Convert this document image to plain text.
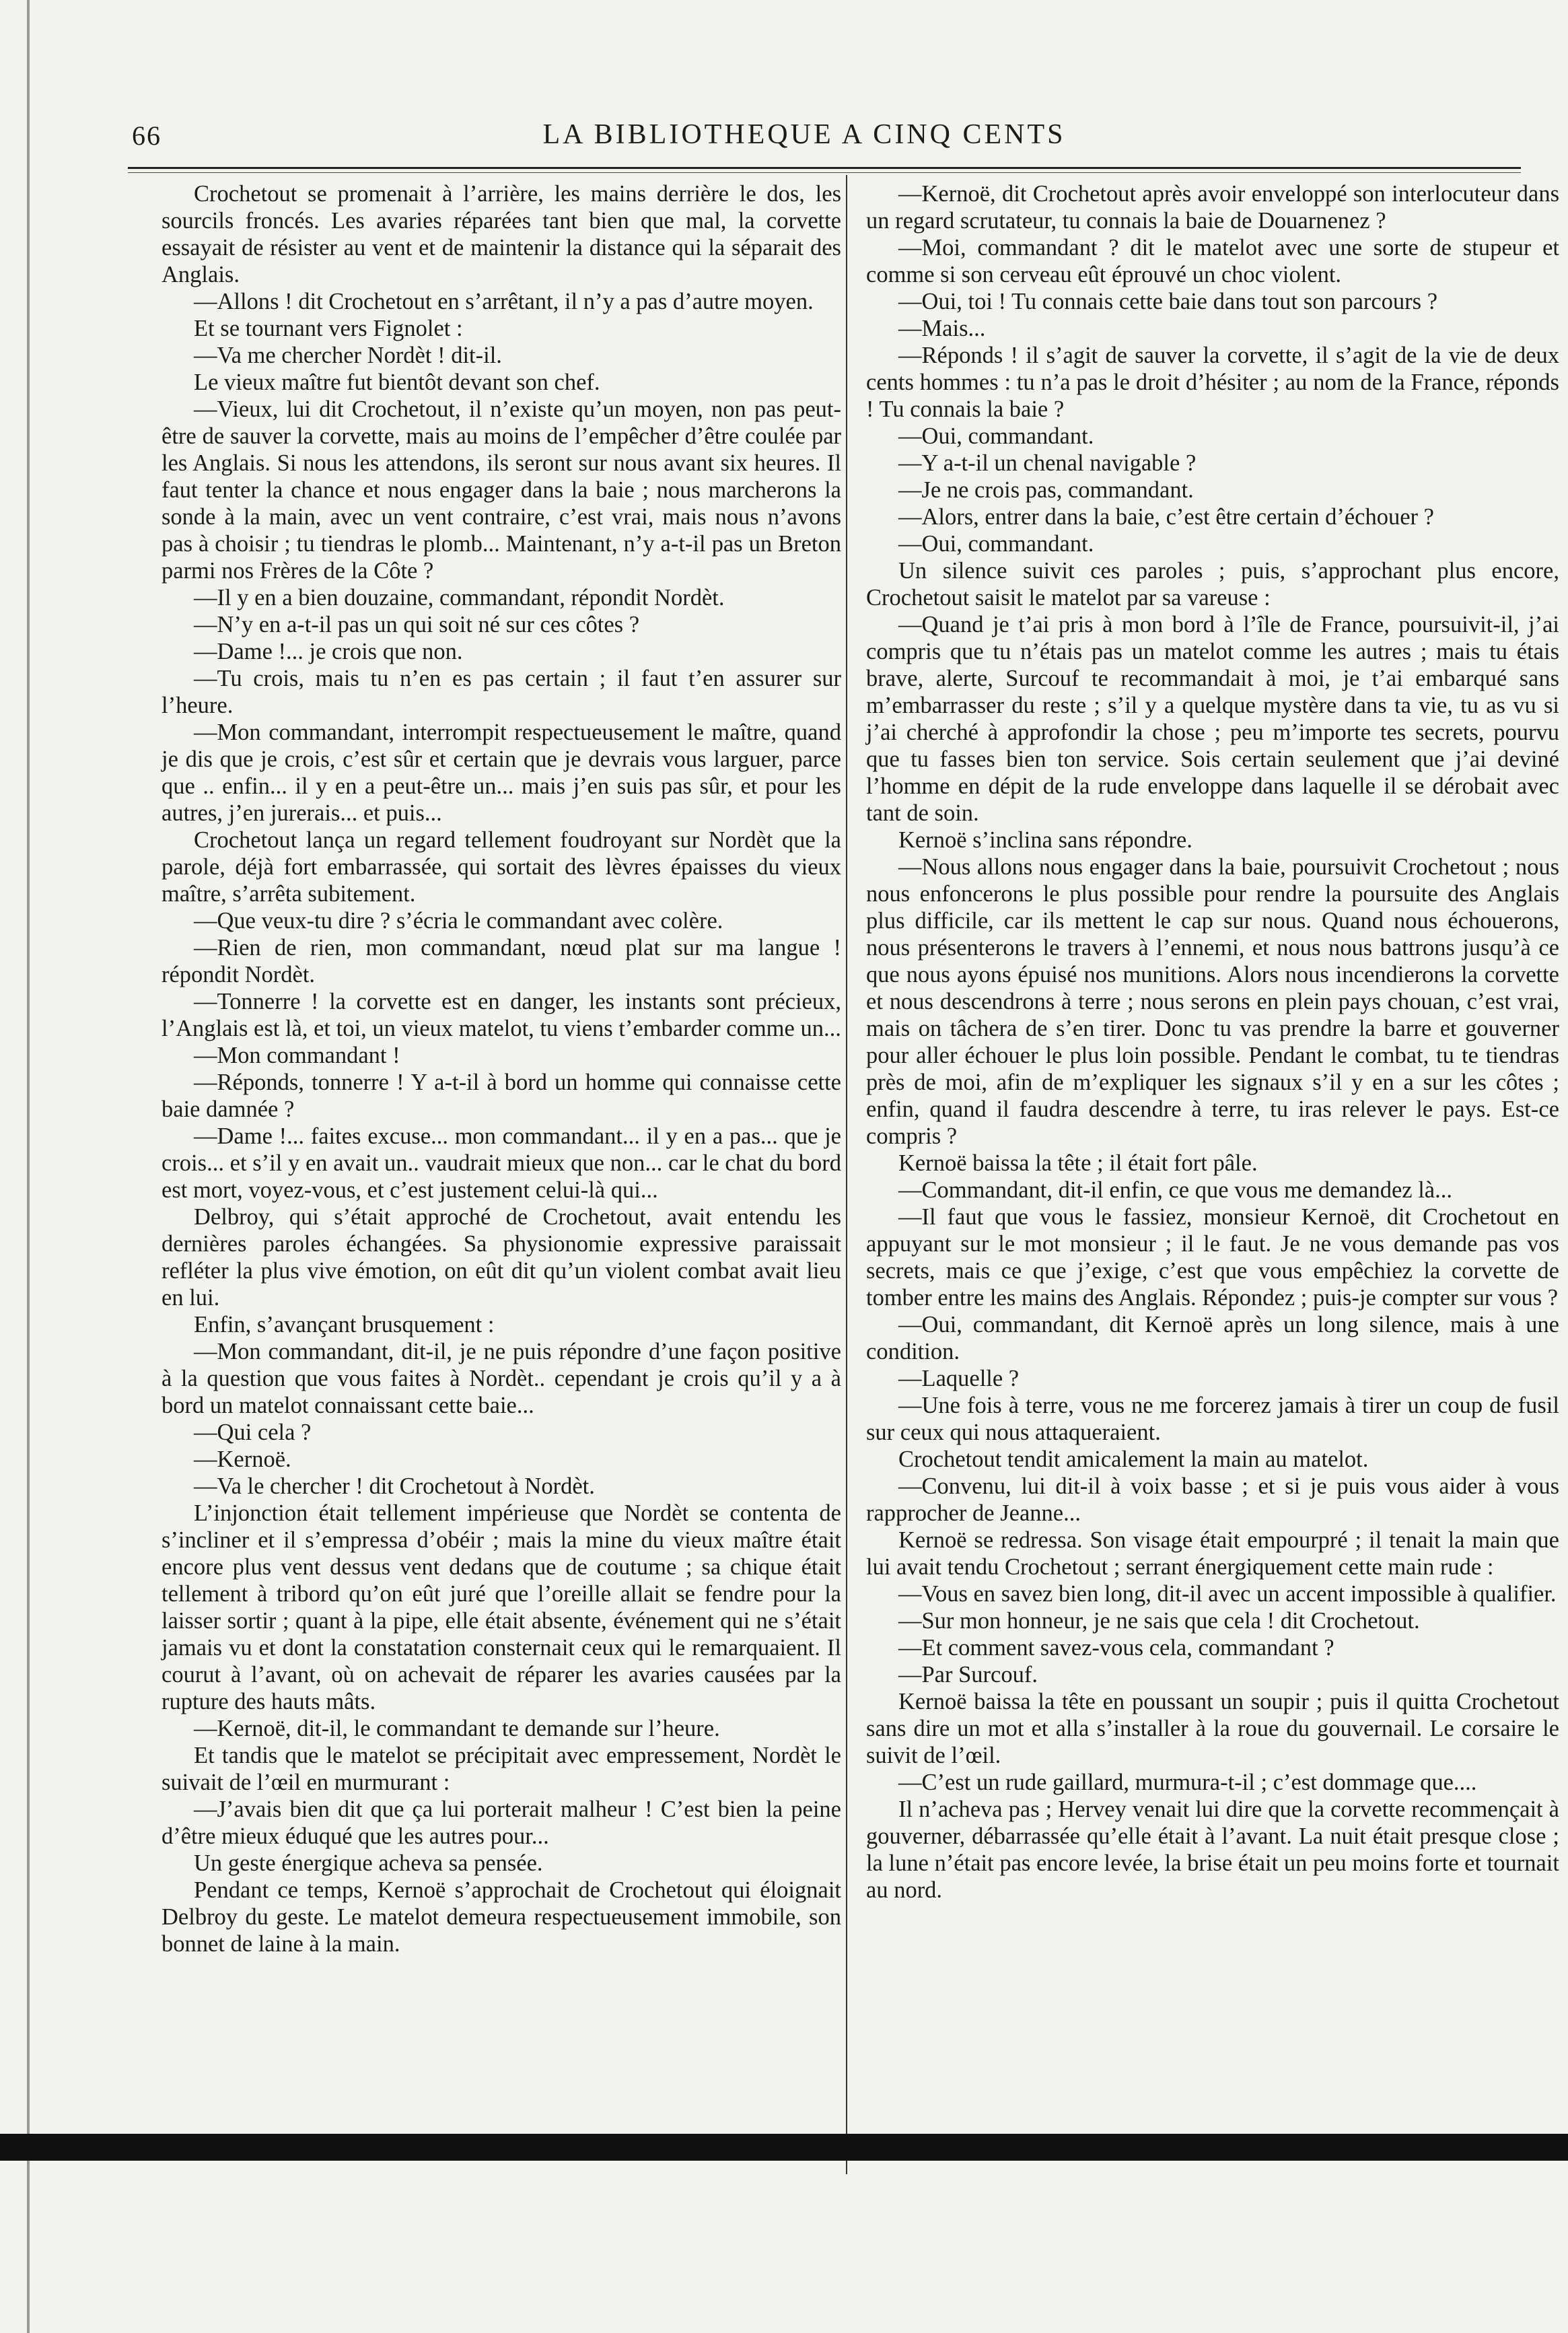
66	LA BIBLIOTHEQUE A CINQ CENTS

Crochetout se promenait à l’arrière, les mains derrière le dos, les sourcils froncés. Les avaries réparées tant bien que mal, la corvette essayait de résister au vent et de maintenir la distance qui la séparait des Anglais.

—Allons ! dit Crochetout en s’arrêtant, il n’y a pas d’autre moyen.

Et se tournant vers Fignolet :

—Va me chercher Nordèt ! dit-il.

Le vieux maître fut bientôt devant son chef.

—Vieux, lui dit Crochetout, il n’existe qu’un moyen, non pas peut-être de sauver la corvette, mais au moins de l’empêcher d’être coulée par les Anglais. Si nous les attendons, ils seront sur nous avant six heures. Il faut tenter la chance et nous engager dans la baie ; nous marcherons la sonde à la main, avec un vent contraire, c’est vrai, mais nous n’avons pas à choisir ; tu tiendras le plomb... Maintenant, n’y a-t-il pas un Breton parmi nos Frères de la Côte ?

—Il y en a bien douzaine, commandant, répondit Nordèt.

—N’y en a-t-il pas un qui soit né sur ces côtes ?

—Dame !... je crois que non.

—Tu crois, mais tu n’en es pas certain ; il faut t’en assurer sur l’heure.

—Mon commandant, interrompit respectueusement le maître, quand je dis que je crois, c’est sûr et certain que je devrais vous larguer, parce que .. enfin... il y en a peut-être un... mais j’en suis pas sûr, et pour les autres, j’en jurerais... et puis...

Crochetout lança un regard tellement foudroyant sur Nordèt que la parole, déjà fort embarrassée, qui sortait des lèvres épaisses du vieux maître, s’arrêta subitement.

—Que veux-tu dire ? s’écria le commandant avec colère.

—Rien de rien, mon commandant, nœud plat sur ma langue ! répondit Nordèt.

—Tonnerre ! la corvette est en danger, les instants sont précieux, l’Anglais est là, et toi, un vieux matelot, tu viens t’embarder comme un...

—Mon commandant !

—Réponds, tonnerre ! Y a-t-il à bord un homme qui connaisse cette baie damnée ?

—Dame !... faites excuse... mon commandant... il y en a pas... que je crois... et s’il y en avait un.. vaudrait mieux que non... car le chat du bord est mort, voyez-vous, et c’est justement celui-là qui...

Delbroy, qui s’était approché de Crochetout, avait entendu les dernières paroles échangées. Sa physionomie expressive paraissait refléter la plus vive émotion, on eût dit qu’un violent combat avait lieu en lui.

Enfin, s’avançant brusquement :

—Mon commandant, dit-il, je ne puis répondre d’une façon positive à la question que vous faites à Nordèt.. cependant je crois qu’il y a à bord un matelot connaissant cette baie...

—Qui cela ?

—Kernoë.

—Va le chercher ! dit Crochetout à Nordèt.

L’injonction était tellement impérieuse que Nordèt se contenta de s’incliner et il s’empressa d’obéir ; mais la mine du vieux maître était encore plus vent dessus vent dedans que de coutume ; sa chique était tellement à tribord qu’on eût juré que l’oreille allait se fendre pour la laisser sortir ; quant à la pipe, elle était absente, événement qui ne s’était jamais vu et dont la constatation consternait ceux qui le remarquaient. Il courut à l’avant, où on achevait de réparer les avaries causées par la rupture des hauts mâts.

—Kernoë, dit-il, le commandant te demande sur l’heure.

Et tandis que le matelot se précipitait avec empressement, Nordèt le suivait de l’œil en murmurant :

—J’avais bien dit que ça lui porterait malheur ! C’est bien la peine d’être mieux éduqué que les autres pour...

Un geste énergique acheva sa pensée.

Pendant ce temps, Kernoë s’approchait de Crochetout qui éloignait Delbroy du geste. Le matelot demeura respectueusement immobile, son bonnet de laine à la main.

—Kernoë, dit Crochetout après avoir enveloppé son interlocuteur dans un regard scrutateur, tu connais la baie de Douarnenez ?

—Moi, commandant ? dit le matelot avec une sorte de stupeur et comme si son cerveau eût éprouvé un choc violent.

—Oui, toi ! Tu connais cette baie dans tout son parcours ?

—Mais...

—Réponds ! il s’agit de sauver la corvette, il s’agit de la vie de deux cents hommes : tu n’a pas le droit d’hésiter ; au nom de la France, réponds ! Tu connais la baie ?

—Oui, commandant.

—Y a-t-il un chenal navigable ?

—Je ne crois pas, commandant.

—Alors, entrer dans la baie, c’est être certain d’échouer ?

—Oui, commandant.

Un silence suivit ces paroles ; puis, s’approchant plus encore, Crochetout saisit le matelot par sa vareuse :

—Quand je t’ai pris à mon bord à l’île de France, poursuivit-il, j’ai compris que tu n’étais pas un matelot comme les autres ; mais tu étais brave, alerte, Surcouf te recommandait à moi, je t’ai embarqué sans m’embarrasser du reste ; s’il y a quelque mystère dans ta vie, tu as vu si j’ai cherché à approfondir la chose ; peu m’importe tes secrets, pourvu que tu fasses bien ton service. Sois certain seulement que j’ai deviné l’homme en dépit de la rude enveloppe dans laquelle il se dérobait avec tant de soin.

Kernoë s’inclina sans répondre.

—Nous allons nous engager dans la baie, poursuivit Crochetout ; nous nous enfoncerons le plus possible pour rendre la poursuite des Anglais plus difficile, car ils mettent le cap sur nous. Quand nous échouerons, nous présenterons le travers à l’ennemi, et nous nous battrons jusqu’à ce que nous ayons épuisé nos munitions. Alors nous incendierons la corvette et nous descendrons à terre ; nous serons en plein pays chouan, c’est vrai, mais on tâchera de s’en tirer. Donc tu vas prendre la barre et gouverner pour aller échouer le plus loin possible. Pendant le combat, tu te tiendras près de moi, afin de m’expliquer les signaux s’il y en a sur les côtes ; enfin, quand il faudra descendre à terre, tu iras relever le pays. Est-ce compris ?

Kernoë baissa la tête ; il était fort pâle.

—Commandant, dit-il enfin, ce que vous me demandez là...

—Il faut que vous le fassiez, monsieur Kernoë, dit Crochetout en appuyant sur le mot monsieur ; il le faut. Je ne vous demande pas vos secrets, mais ce que j’exige, c’est que vous empêchiez la corvette de tomber entre les mains des Anglais. Répondez ; puis-je compter sur vous ?

—Oui, commandant, dit Kernoë après un long silence, mais à une condition.

—Laquelle ?

—Une fois à terre, vous ne me forcerez jamais à tirer un coup de fusil sur ceux qui nous attaqueraient.

Crochetout tendit amicalement la main au matelot.

—Convenu, lui dit-il à voix basse ; et si je puis vous aider à vous rapprocher de Jeanne...

Kernoë se redressa. Son visage était empourpré ; il tenait la main que lui avait tendu Crochetout ; serrant énergiquement cette main rude :

—Vous en savez bien long, dit-il avec un accent impossible à qualifier.

—Sur mon honneur, je ne sais que cela ! dit Crochetout.

—Et comment savez-vous cela, commandant ?

—Par Surcouf.

Kernoë baissa la tête en poussant un soupir ; puis il quitta Crochetout sans dire un mot et alla s’installer à la roue du gouvernail. Le corsaire le suivit de l’œil.

—C’est un rude gaillard, murmura-t-il ; c’est dommage que....

Il n’acheva pas ; Hervey venait lui dire que la corvette recommençait à gouverner, débarrassée qu’elle était à l’avant. La nuit était presque close ; la lune n’était pas encore levée, la brise était un peu moins forte et tournait au nord.
